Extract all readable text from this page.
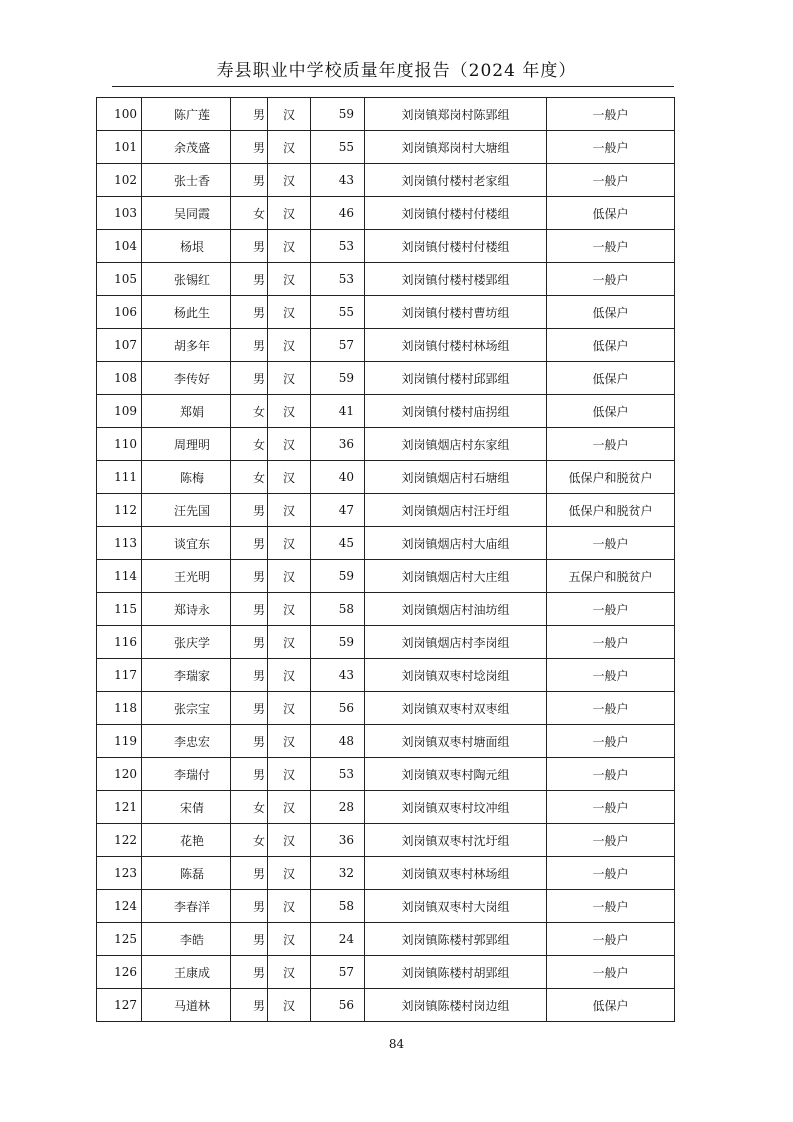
寿县职业中学校质量年度报告（2024 年度）
100	陈广莲	男	汉	59	刘岗镇郑岗村陈郢组	一般户
101	余茂盛	男	汉	55	刘岗镇郑岗村大塘组	一般户
102	张士香	男	汉	43	刘岗镇付楼村老家组	一般户
103	吴同霞	女	汉	46	刘岗镇付楼村付楼组	低保户
104	杨垠	男	汉	53	刘岗镇付楼村付楼组	一般户
105	张锡红	男	汉	53	刘岗镇付楼村楼郢组	一般户
106	杨此生	男	汉	55	刘岗镇付楼村曹坊组	低保户
107	胡多年	男	汉	57	刘岗镇付楼村林场组	低保户
108	李传好	男	汉	59	刘岗镇付楼村邱郢组	低保户
109	郑娟	女	汉	41	刘岗镇付楼村庙拐组	低保户
110	周理明	女	汉	36	刘岗镇烟店村东家组	一般户
111	陈梅	女	汉	40	刘岗镇烟店村石塘组	低保户和脱贫户
112	汪先国	男	汉	47	刘岗镇烟店村汪圩组	低保户和脱贫户
113	谈宜东	男	汉	45	刘岗镇烟店村大庙组	一般户
114	王光明	男	汉	59	刘岗镇烟店村大庄组	五保户和脱贫户
115	郑诗永	男	汉	58	刘岗镇烟店村油坊组	一般户
116	张庆学	男	汉	59	刘岗镇烟店村李岗组	一般户
117	李瑞家	男	汉	43	刘岗镇双枣村埝岗组	一般户
118	张宗宝	男	汉	56	刘岗镇双枣村双枣组	一般户
119	李忠宏	男	汉	48	刘岗镇双枣村塘面组	一般户
120	李瑞付	男	汉	53	刘岗镇双枣村陶元组	一般户
121	宋倩	女	汉	28	刘岗镇双枣村坟冲组	一般户
122	花艳	女	汉	36	刘岗镇双枣村沈圩组	一般户
123	陈磊	男	汉	32	刘岗镇双枣村林场组	一般户
124	李春洋	男	汉	58	刘岗镇双枣村大岗组	一般户
125	李皓	男	汉	24	刘岗镇陈楼村郭郢组	一般户
126	王康成	男	汉	57	刘岗镇陈楼村胡郢组	一般户
127	马道林	男	汉	56	刘岗镇陈楼村岗边组	低保户
84
